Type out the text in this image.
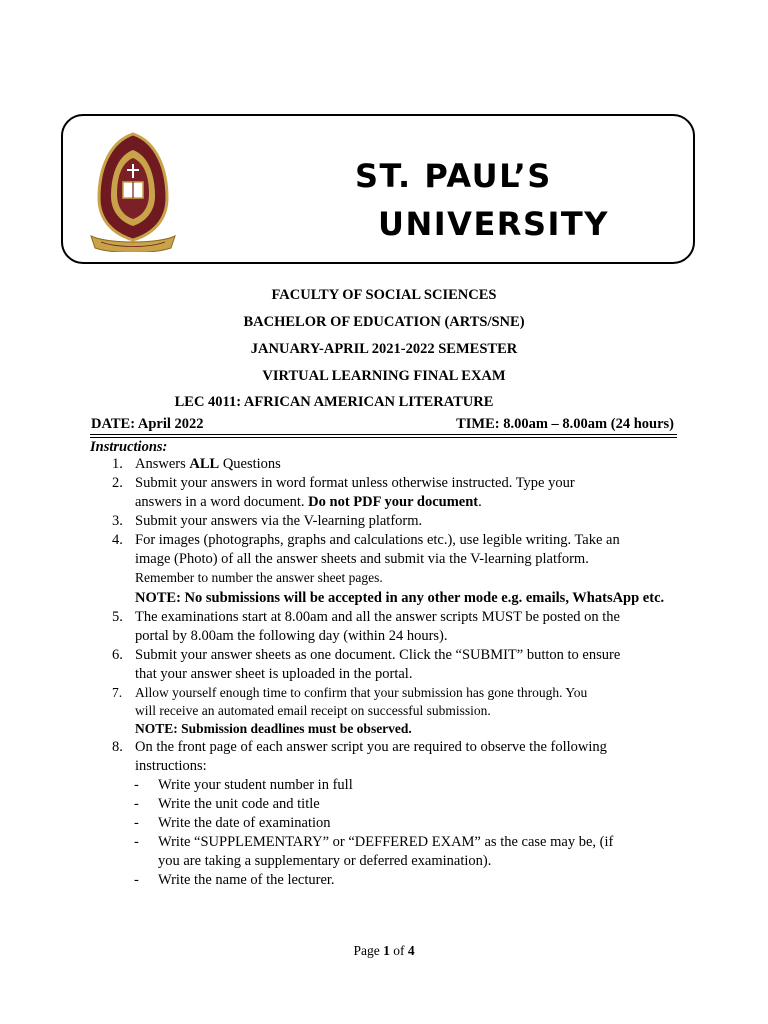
ST. PAUL’S
UNIVERSITY
FACULTY OF SOCIAL SCIENCES
BACHELOR OF EDUCATION (ARTS/SNE)
JANUARY-APRIL 2021-2022 SEMESTER
VIRTUAL LEARNING FINAL EXAM
LEC 4011: AFRICAN AMERICAN LITERATURE
DATE: April 2022	TIME: 8.00am – 8.00am (24 hours)
Instructions:
1. Answers ALL Questions
2. Submit your answers in word format unless otherwise instructed. Type your
answers in a word document. Do not PDF your document.
3. Submit your answers via the V-learning platform.
4. For images (photographs, graphs and calculations etc.), use legible writing. Take an
image (Photo) of all the answer sheets and submit via the V-learning platform.
Remember to number the answer sheet pages.
NOTE: No submissions will be accepted in any other mode e.g. emails, WhatsApp etc.
5. The examinations start at 8.00am and all the answer scripts MUST be posted on the
portal by 8.00am the following day (within 24 hours).
6. Submit your answer sheets as one document. Click the “SUBMIT” button to ensure
that your answer sheet is uploaded in the portal.
7. Allow yourself enough time to confirm that your submission has gone through. You
will receive an automated email receipt on successful submission.
NOTE: Submission deadlines must be observed.
8. On the front page of each answer script you are required to observe the following
instructions:
- Write your student number in full
- Write the unit code and title
- Write the date of examination
- Write “SUPPLEMENTARY” or “DEFFERED EXAM” as the case may be, (if
you are taking a supplementary or deferred examination).
- Write the name of the lecturer.
Page 1 of 4
